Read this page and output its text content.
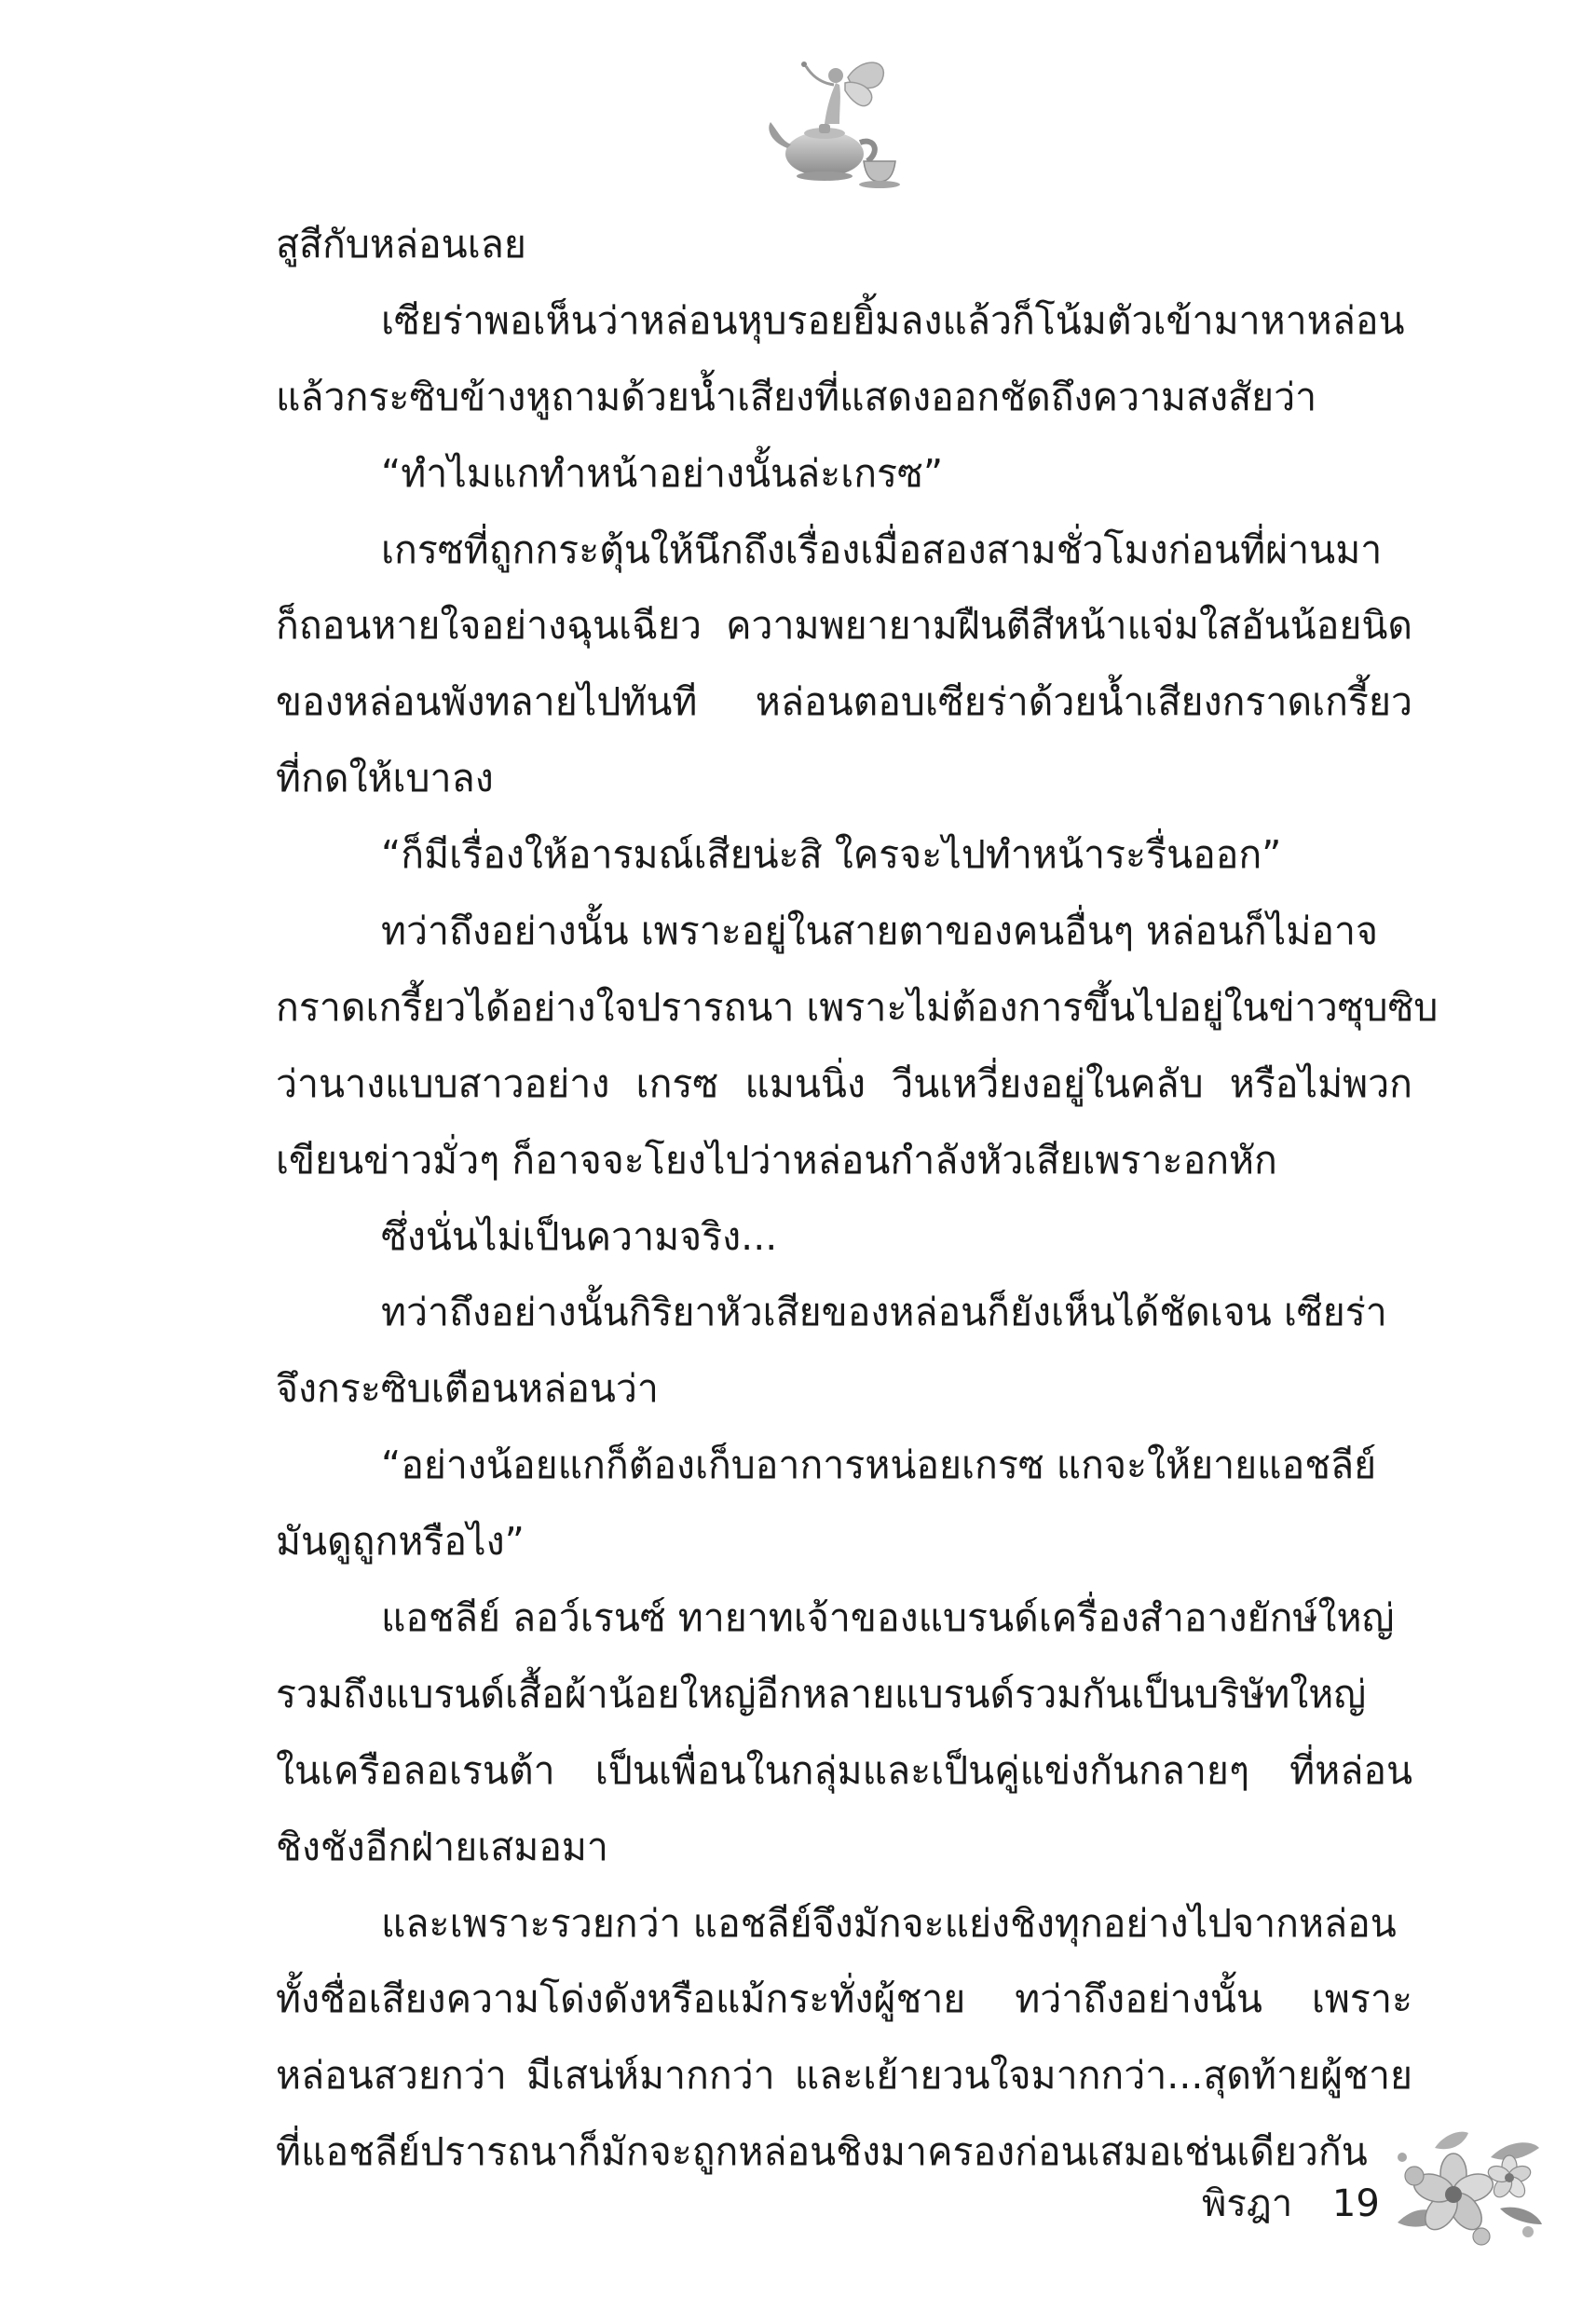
สูสีกับหล่อนเลย
เซียร่าพอเห็นว่าหล่อนหุบรอยยิ้มลงแล้วก็โน้มตัวเข้ามาหาหล่อน
แล้วกระซิบข้างหูถามด้วยน้ำเสียงที่แสดงออกชัดถึงความสงสัยว่า
“ทำไมแกทำหน้าอย่างนั้นล่ะเกรซ”
เกรซที่ถูกกระตุ้นให้นึกถึงเรื่องเมื่อสองสามชั่วโมงก่อนที่ผ่านมา
ก็ถอนหายใจอย่างฉุนเฉียว ความพยายามฝืนตีสีหน้าแจ่มใสอันน้อยนิด
ของหล่อนพังทลายไปทันที หล่อนตอบเซียร่าด้วยน้ำเสียงกราดเกรี้ยว
ที่กดให้เบาลง
“ก็มีเรื่องให้อารมณ์เสียน่ะสิ ใครจะไปทำหน้าระรื่นออก”
ทว่าถึงอย่างนั้น เพราะอยู่ในสายตาของคนอื่นๆ หล่อนก็ไม่อาจ
กราดเกรี้ยวได้อย่างใจปรารถนา เพราะไม่ต้องการขึ้นไปอยู่ในข่าวซุบซิบ
ว่านางแบบสาวอย่าง เกรซ แมนนิ่ง วีนเหวี่ยงอยู่ในคลับ หรือไม่พวก
เขียนข่าวมั่วๆ ก็อาจจะโยงไปว่าหล่อนกำลังหัวเสียเพราะอกหัก
ซึ่งนั่นไม่เป็นความจริง...
ทว่าถึงอย่างนั้นกิริยาหัวเสียของหล่อนก็ยังเห็นได้ชัดเจน เซียร่า
จึงกระซิบเตือนหล่อนว่า
“อย่างน้อยแกก็ต้องเก็บอาการหน่อยเกรซ แกจะให้ยายแอชลีย์
มันดูถูกหรือไง”
แอชลีย์ ลอว์เรนซ์ ทายาทเจ้าของแบรนด์เครื่องสำอางยักษ์ใหญ่
รวมถึงแบรนด์เสื้อผ้าน้อยใหญ่อีกหลายแบรนด์รวมกันเป็นบริษัทใหญ่
ในเครือลอเรนต้า เป็นเพื่อนในกลุ่มและเป็นคู่แข่งกันกลายๆ ที่หล่อน
ชิงชังอีกฝ่ายเสมอมา
และเพราะรวยกว่า แอชลีย์จึงมักจะแย่งชิงทุกอย่างไปจากหล่อน
ทั้งชื่อเสียงความโด่งดังหรือแม้กระทั่งผู้ชาย ทว่าถึงอย่างนั้น เพราะ
หล่อนสวยกว่า มีเสน่ห์มากกว่า และเย้ายวนใจมากกว่า...สุดท้ายผู้ชาย
ที่แอชลีย์ปรารถนาก็มักจะถูกหล่อนชิงมาครองก่อนเสมอเช่นเดียวกัน
พิรฎา 19
